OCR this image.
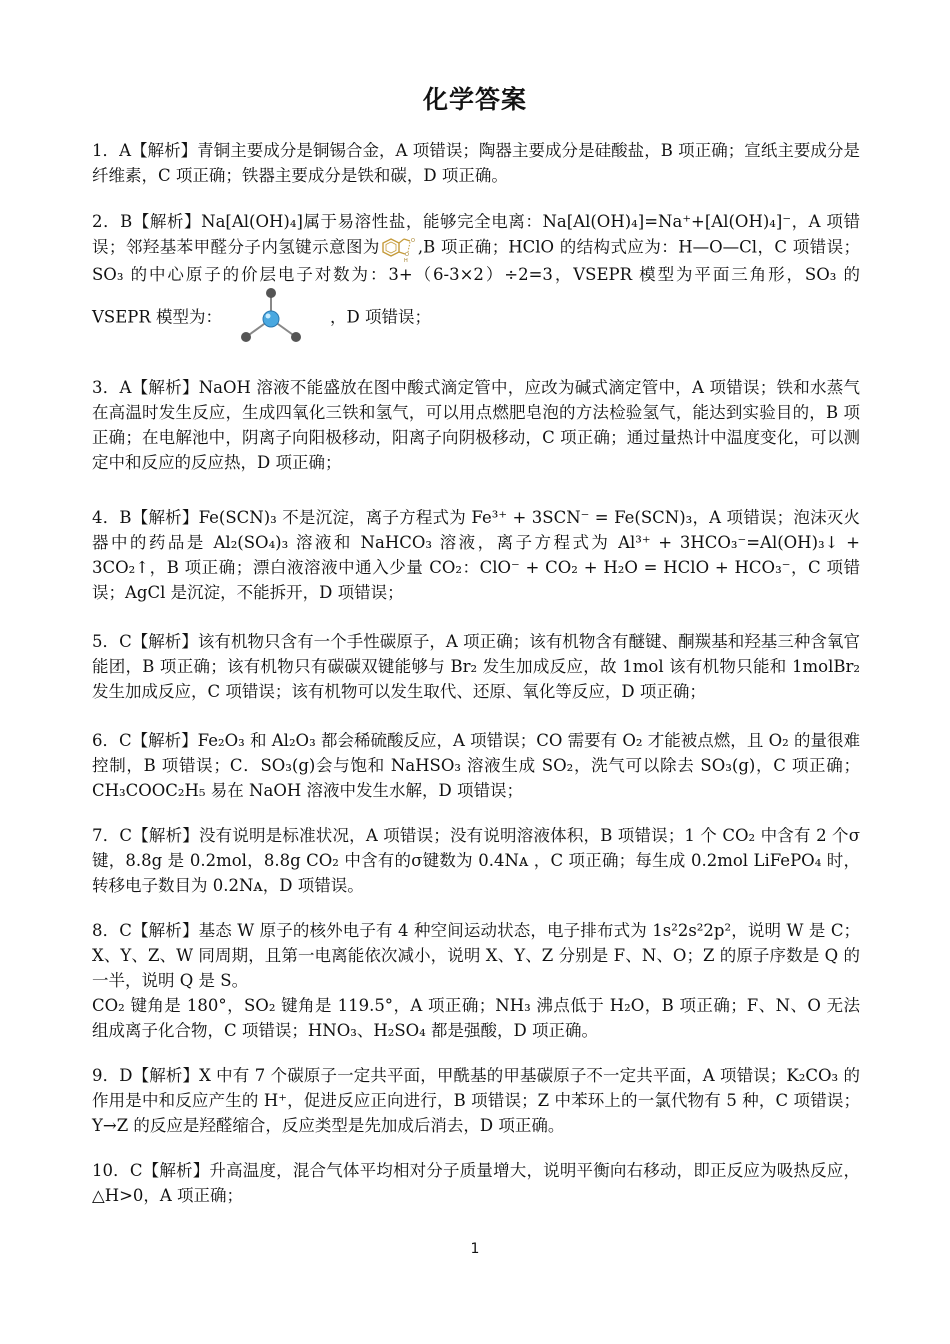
化学答案

1．A【解析】青铜主要成分是铜锡合金，A 项错误；陶器主要成分是硅酸盐，B 项正确；宣纸主要成分是纤维素，C 项正确；铁器主要成分是铁和碳，D 项正确。

2．B【解析】Na[Al(OH)₄]属于易溶性盐，能够完全电离：Na[Al(OH)₄]=Na⁺+[Al(OH)₄]⁻，A 项错误；邻羟基苯甲醛分子内氢键示意图为	O
O
H
,B 项正确；HClO 的结构式应为：H—O—Cl，C 项错误；SO₃ 的中心原子的价层电子对数为：3+（6-3×2）÷2=3，VSEPR 模型为平面三角形，SO₃ 的 VSEPR 模型为：	，D 项错误；

3．A【解析】NaOH 溶液不能盛放在图中酸式滴定管中，应改为碱式滴定管中，A 项错误；铁和水蒸气在高温时发生反应，生成四氧化三铁和氢气，可以用点燃肥皂泡的方法检验氢气，能达到实验目的，B 项正确；在电解池中，阴离子向阳极移动，阳离子向阴极移动，C 项正确；通过量热计中温度变化，可以测定中和反应的反应热，D 项正确；

4．B【解析】Fe(SCN)₃ 不是沉淀，离子方程式为 Fe³⁺ + 3SCN⁻ = Fe(SCN)₃，A 项错误；泡沫灭火器中的药品是 Al₂(SO₄)₃ 溶液和 NaHCO₃ 溶液，离子方程式为 Al³⁺ + 3HCO₃⁻=Al(OH)₃↓ + 3CO₂↑，B 项正确；漂白液溶液中通入少量 CO₂：ClO⁻ + CO₂ + H₂O = HClO + HCO₃⁻，C 项错误；AgCl 是沉淀，不能拆开，D 项错误；

5．C【解析】该有机物只含有一个手性碳原子，A 项正确；该有机物含有醚键、酮羰基和羟基三种含氧官能团，B 项正确；该有机物只有碳碳双键能够与 Br₂ 发生加成反应，故 1mol 该有机物只能和 1molBr₂ 发生加成反应，C 项错误；该有机物可以发生取代、还原、氧化等反应，D 项正确；

6．C【解析】Fe₂O₃ 和 Al₂O₃ 都会稀硫酸反应，A 项错误；CO 需要有 O₂ 才能被点燃，且 O₂ 的量很难控制，B 项错误；C．SO₃(g)会与饱和 NaHSO₃ 溶液生成 SO₂，洗气可以除去 SO₃(g)，C 项正确；CH₃COOC₂H₅ 易在 NaOH 溶液中发生水解，D 项错误；

7．C【解析】没有说明是标准状况，A 项错误；没有说明溶液体积，B 项错误；1 个 CO₂ 中含有 2 个σ键，8.8g 是 0.2mol，8.8g CO₂ 中含有的σ键数为 0.4Nᴀ ，C 项正确；每生成 0.2mol LiFePO₄ 时，转移电子数目为 0.2Nᴀ，D 项错误。

8．C【解析】基态 W 原子的核外电子有 4 种空间运动状态，电子排布式为 1s²2s²2p²，说明 W 是 C；X、Y、Z、W 同周期，且第一电离能依次减小，说明 X、Y、Z 分别是 F、N、O；Z 的原子序数是 Q 的一半，说明 Q 是 S。

CO₂ 键角是 180°，SO₂ 键角是 119.5°，A 项正确；NH₃ 沸点低于 H₂O，B 项正确；F、N、O 无法组成离子化合物，C 项错误；HNO₃、H₂SO₄ 都是强酸，D 项正确。

9．D【解析】X 中有 7 个碳原子一定共平面，甲酰基的甲基碳原子不一定共平面，A 项错误；K₂CO₃ 的作用是中和反应产生的 H⁺，促进反应正向进行，B 项错误；Z 中苯环上的一氯代物有 5 种，C 项错误；Y→Z 的反应是羟醛缩合，反应类型是先加成后消去，D 项正确。

10．C【解析】升高温度，混合气体平均相对分子质量增大，说明平衡向右移动，即正反应为吸热反应，△H>0，A 项正确；

1
